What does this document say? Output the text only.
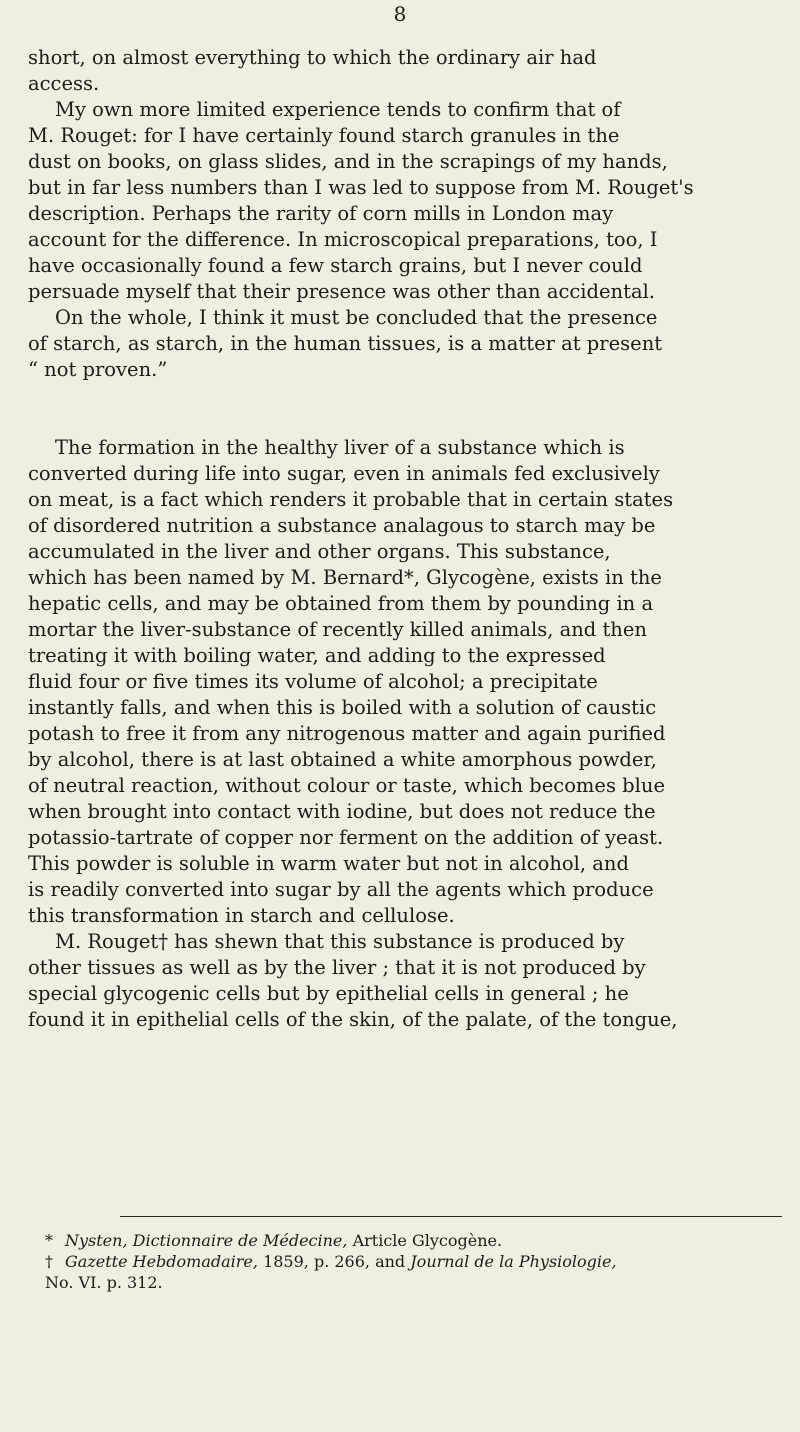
8

short, on almost everything to which the ordinary air had
access.

My own more limited experience tends to confirm that of
M. Rouget: for I have certainly found starch granules in the
dust on books, on glass slides, and in the scrapings of my hands,
but in far less numbers than I was led to suppose from M. Rouget's
description. Perhaps the rarity of corn mills in London may
account for the difference. In microscopical preparations, too, I
have occasionally found a few starch grains, but I never could
persuade myself that their presence was other than accidental.

On the whole, I think it must be concluded that the presence
of starch, as starch, in the human tissues, is a matter at present
“ not proven.”

The formation in the healthy liver of a substance which is
converted during life into sugar, even in animals fed exclusively
on meat, is a fact which renders it probable that in certain states
of disordered nutrition a substance analagous to starch may be
accumulated in the liver and other organs. This substance,
which has been named by M. Bernard*, Glycogène, exists in the
hepatic cells, and may be obtained from them by pounding in a
mortar the liver-substance of recently killed animals, and then
treating it with boiling water, and adding to the expressed
fluid four or five times its volume of alcohol; a precipitate
instantly falls, and when this is boiled with a solution of caustic
potash to free it from any nitrogenous matter and again purified
by alcohol, there is at last obtained a white amorphous powder,
of neutral reaction, without colour or taste, which becomes blue
when brought into contact with iodine, but does not reduce the
potassio-tartrate of copper nor ferment on the addition of yeast.
This powder is soluble in warm water but not in alcohol, and
is readily converted into sugar by all the agents which produce
this transformation in starch and cellulose.

M. Rouget† has shewn that this substance is produced by
other tissues as well as by the liver ; that it is not produced by
special glycogenic cells but by epithelial cells in general ; he
found it in epithelial cells of the skin, of the palate, of the tongue,

* Nysten, Dictionnaire de Médecine, Article Glycogène.

† Gazette Hebdomadaire, 1859, p. 266, and Journal de la Physiologie,
No. VI. p. 312.
